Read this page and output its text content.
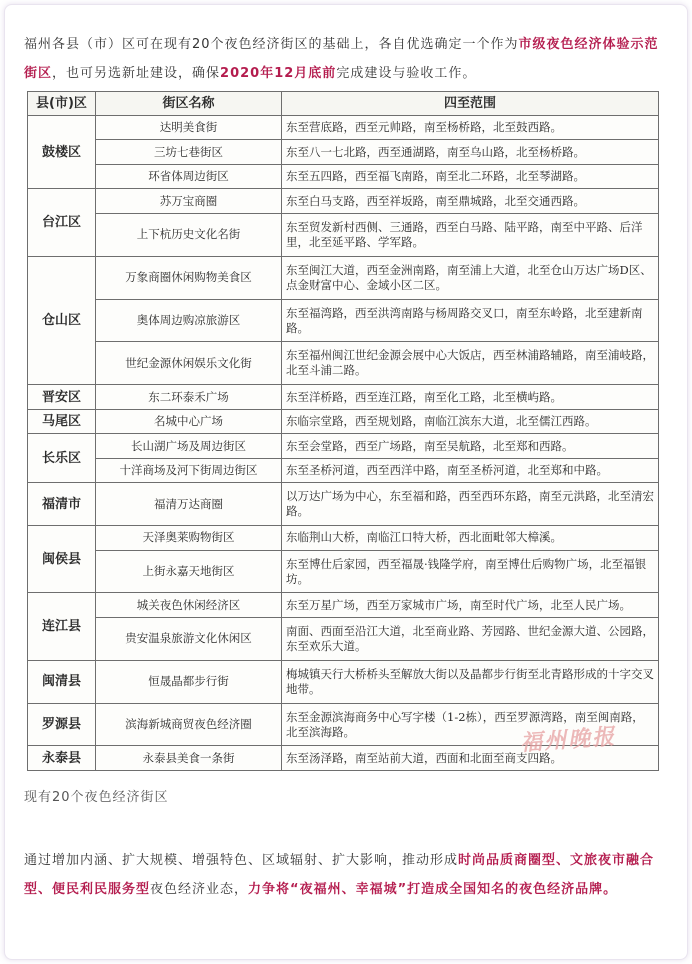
福州各县（市）区可在现有20个夜色经济街区的基础上，各自优选确定一个作为市级夜色经济体验示范街区，也可另选新址建设，确保2020年12月底前完成建设与验收工作。
县(市)区	街区名称	四至范围
鼓楼区	达明美食街	东至营底路，西至元帅路，南至杨桥路，北至鼓西路。
	三坊七巷街区	东至八一七北路，西至通湖路，南至乌山路，北至杨桥路。
	环省体周边街区	东至五四路，西至福飞南路，南至北二环路，北至琴湖路。
台江区	苏万宝商圈	东至白马支路，西至祥坂路，南至鼎城路，北至交通西路。
	上下杭历史文化名街	东至贸发新村西侧、三通路，西至白马路、陆平路，南至中平路、后洋里，北至延平路、学军路。
仓山区	万象商圈休闲购物美食区	东至闽江大道，西至金洲南路，南至浦上大道，北至仓山万达广场D区、点金财富中心、金域小区二区。
	奥体周边购凉旅游区	东至福湾路，西至洪湾南路与杨周路交叉口，南至东岭路，北至建新南路。
	世纪金源休闲娱乐文化街	东至福州闽江世纪金源会展中心大饭店，西至林浦路辅路，南至浦岐路，北至斗浦二路。
晋安区	东二环泰禾广场	东至洋桥路，西至连江路，南至化工路，北至横屿路。
马尾区	名城中心广场	东临宗堂路，西至规划路，南临江滨东大道，北至儒江西路。
长乐区	长山湖广场及周边街区	东至会堂路，西至广场路，南至吴航路，北至郑和西路。
	十洋商场及河下街周边街区	东至圣桥河道，西至西洋中路，南至圣桥河道，北至郑和中路。
福清市	福清万达商圈	以万达广场为中心，东至福和路，西至西环东路，南至元洪路，北至清宏路。
闽侯县	天泽奥莱购物街区	东临荆山大桥，南临江口特大桥，西北面毗邻大樟溪。
	上街永嘉天地街区	东至博仕后家园，西至福晟·钱隆学府，南至博仕后购物广场，北至福银坊。
连江县	城关夜色休闲经济区	东至万星广场，西至万家城市广场，南至时代广场，北至人民广场。
	贵安温泉旅游文化休闲区	南面、西面至沿江大道，北至商业路、芳园路、世纪金源大道、公园路，东至欢乐大道。
闽清县	恒晟晶都步行街	梅城镇天行大桥桥头至解放大街以及晶都步行街至北青路形成的十字交叉地带。
罗源县	滨海新城商贸夜色经济圈	东至金源滨海商务中心写字楼（1-2栋），西至罗源湾路，南至闽南路，北至滨海路。
永泰县	永泰县美食一条街	东至汤泽路，南至站前大道，西面和北面至商支四路。
福州晚报
现有20个夜色经济街区
通过增加内涵、扩大规模、增强特色、区域辐射、扩大影响，推动形成时尚品质商圈型、文旅夜市融合型、便民利民服务型夜色经济业态，力争将“夜福州、幸福城”打造成全国知名的夜色经济品牌。
